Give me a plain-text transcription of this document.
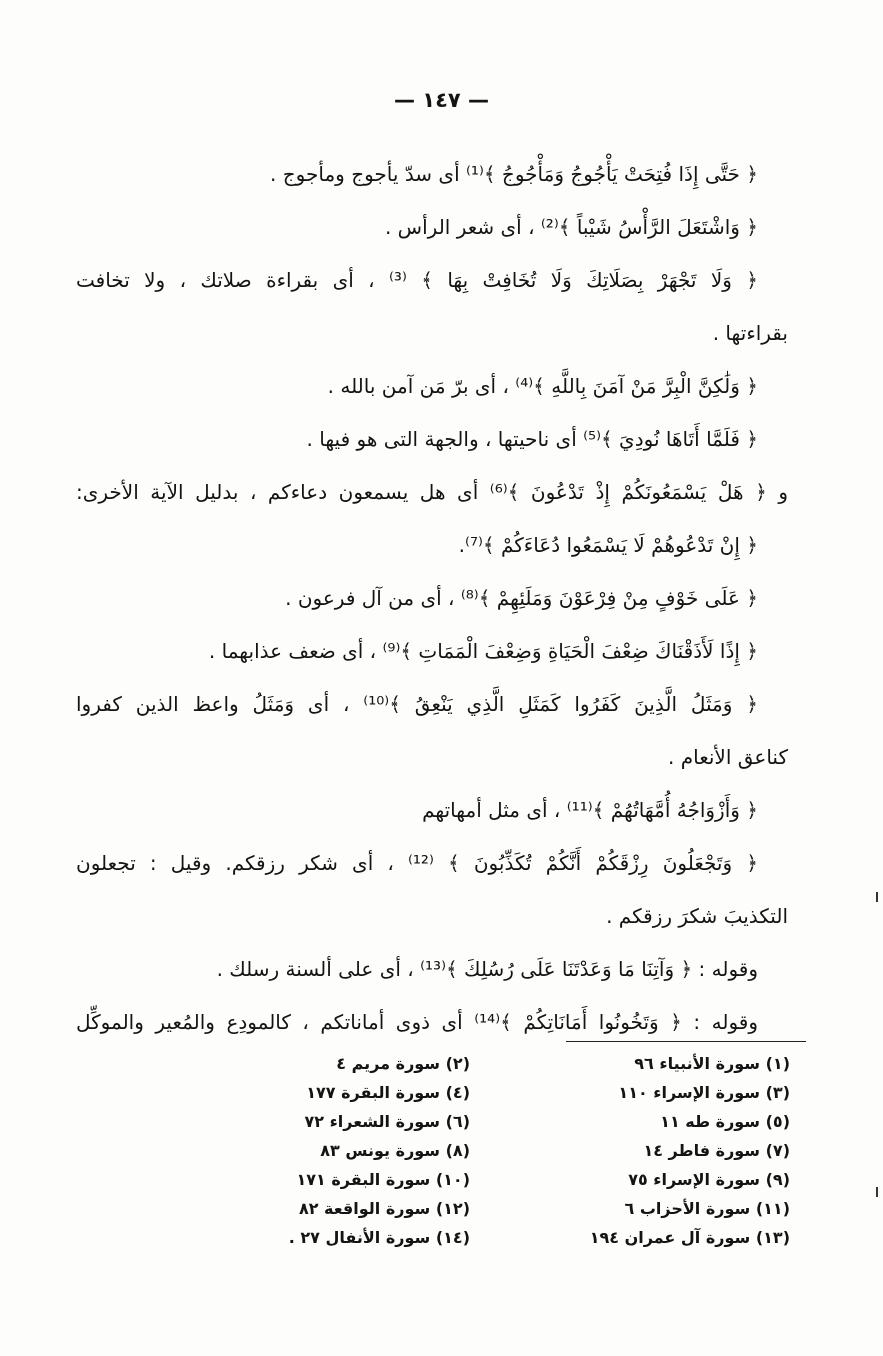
— ١٤٧ —
﴿ حَتَّى إِذَا فُتِحَتْ يَأْجُوجُ وَمَأْجُوجُ ﴾⁽¹⁾ أى سدّ يأجوج ومأجوج .
﴿ وَاشْتَعَلَ الرَّأْسُ شَيْباً ﴾⁽²⁾ ، أى شعر الرأس .
﴿ وَلَا تَجْهَرْ بِصَلَاتِكَ وَلَا تُخَافِتْ بِهَا ﴾ ⁽³⁾ ، أى بقراءة صلاتك ، ولا تخافت
بقراءتها .
﴿ وَلَٰكِنَّ الْبِرَّ مَنْ آمَنَ بِاللَّهِ ﴾⁽⁴⁾ ، أى برّ مَن آمن بالله .
﴿ فَلَمَّا أَتَاهَا نُودِيَ ﴾⁽⁵⁾ أى ناحيتها ، والجهة التى هو فيها .
و ﴿ هَلْ يَسْمَعُونَكُمْ إِذْ تَدْعُونَ ﴾⁽⁶⁾ أى هل يسمعون دعاءكم ، بدليل الآية الأخرى:
﴿ إِنْ تَدْعُوهُمْ لَا يَسْمَعُوا دُعَاءَكُمْ ﴾⁽⁷⁾.
﴿ عَلَى خَوْفٍ مِنْ فِرْعَوْنَ وَمَلَئِهِمْ ﴾⁽⁸⁾ ، أى من آل فرعون .
﴿ إِذًا لَأَذَقْنَاكَ ضِعْفَ الْحَيَاةِ وَضِعْفَ الْمَمَاتِ ﴾⁽⁹⁾ ، أى ضعف عذابهما .
﴿ وَمَثَلُ الَّذِينَ كَفَرُوا كَمَثَلِ الَّذِي يَنْعِقُ ﴾⁽¹⁰⁾ ، أى وَمَثَلُ واعظ الذين كفروا
كناعق الأنعام .
﴿ وَأَزْوَاجُهُ أُمَّهَاتُهُمْ ﴾⁽¹¹⁾ ، أى مثل أمهاتهم
﴿ وَتَجْعَلُونَ رِزْقَكُمْ أَنَّكُمْ تُكَذِّبُونَ ﴾ ⁽¹²⁾ ، أى شكر رزقكم. وقيل : تجعلون
التكذيبَ شكرَ رزقكم .
وقوله : ﴿ وَآتِنَا مَا وَعَدْتَنَا عَلَى رُسُلِكَ ﴾⁽¹³⁾ ، أى على ألسنة رسلك .
وقوله : ﴿ وَتَخُونُوا أَمَانَاتِكُمْ ﴾⁽¹⁴⁾ أى ذوى أماناتكم ، كالمودِع والمُعير والموكِّل
(١) سورة الأنبياء ٩٦
(٢) سورة مريم ٤
(٣) سورة الإسراء ١١٠
(٤) سورة البقرة ١٧٧
(٥) سورة طه ١١
(٦) سورة الشعراء ٧٢
(٧) سورة فاطر ١٤
(٨) سورة يونس ٨٣
(٩) سورة الإسراء ٧٥
(١٠) سورة البقرة ١٧١
(١١) سورة الأحزاب ٦
(١٢) سورة الواقعة ٨٢
(١٣) سورة آل عمران ١٩٤
(١٤) سورة الأنفال ٢٧ .
